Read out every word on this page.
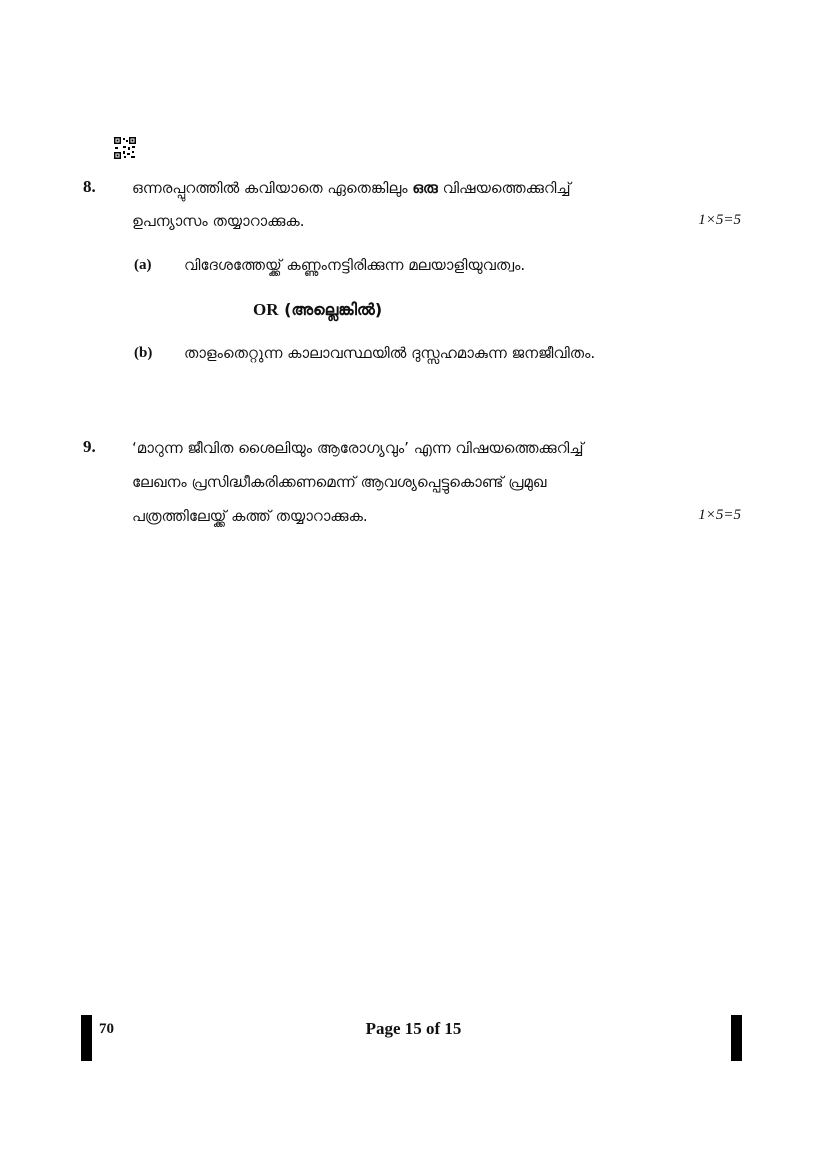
8. ഒന്നരപ്പുറത്തിൽ കവിയാതെ ഏതെങ്കിലും ഒരു വിഷയത്തെക്കുറിച്ച്
ഉപന്യാസം തയ്യാറാക്കുക.	1×5=5
(a) വിദേശത്തേയ്ക്ക് കണ്ണുംനട്ടിരിക്കുന്ന മലയാളിയുവത്വം.
OR (അല്ലെങ്കിൽ)
(b) താളംതെറ്റുന്ന കാലാവസ്ഥയിൽ ദുസ്സഹമാകുന്ന ജനജീവിതം.
9. ‘മാറുന്ന ജീവിത ശൈലിയും ആരോഗ്യവും’ എന്ന വിഷയത്തെക്കുറിച്ച്
ലേഖനം പ്രസിദ്ധീകരിക്കണമെന്ന് ആവശ്യപ്പെട്ടുകൊണ്ട് പ്രമുഖ
പത്രത്തിലേയ്ക്ക് കത്ത് തയ്യാറാക്കുക.	1×5=5
70	Page 15 of 15
